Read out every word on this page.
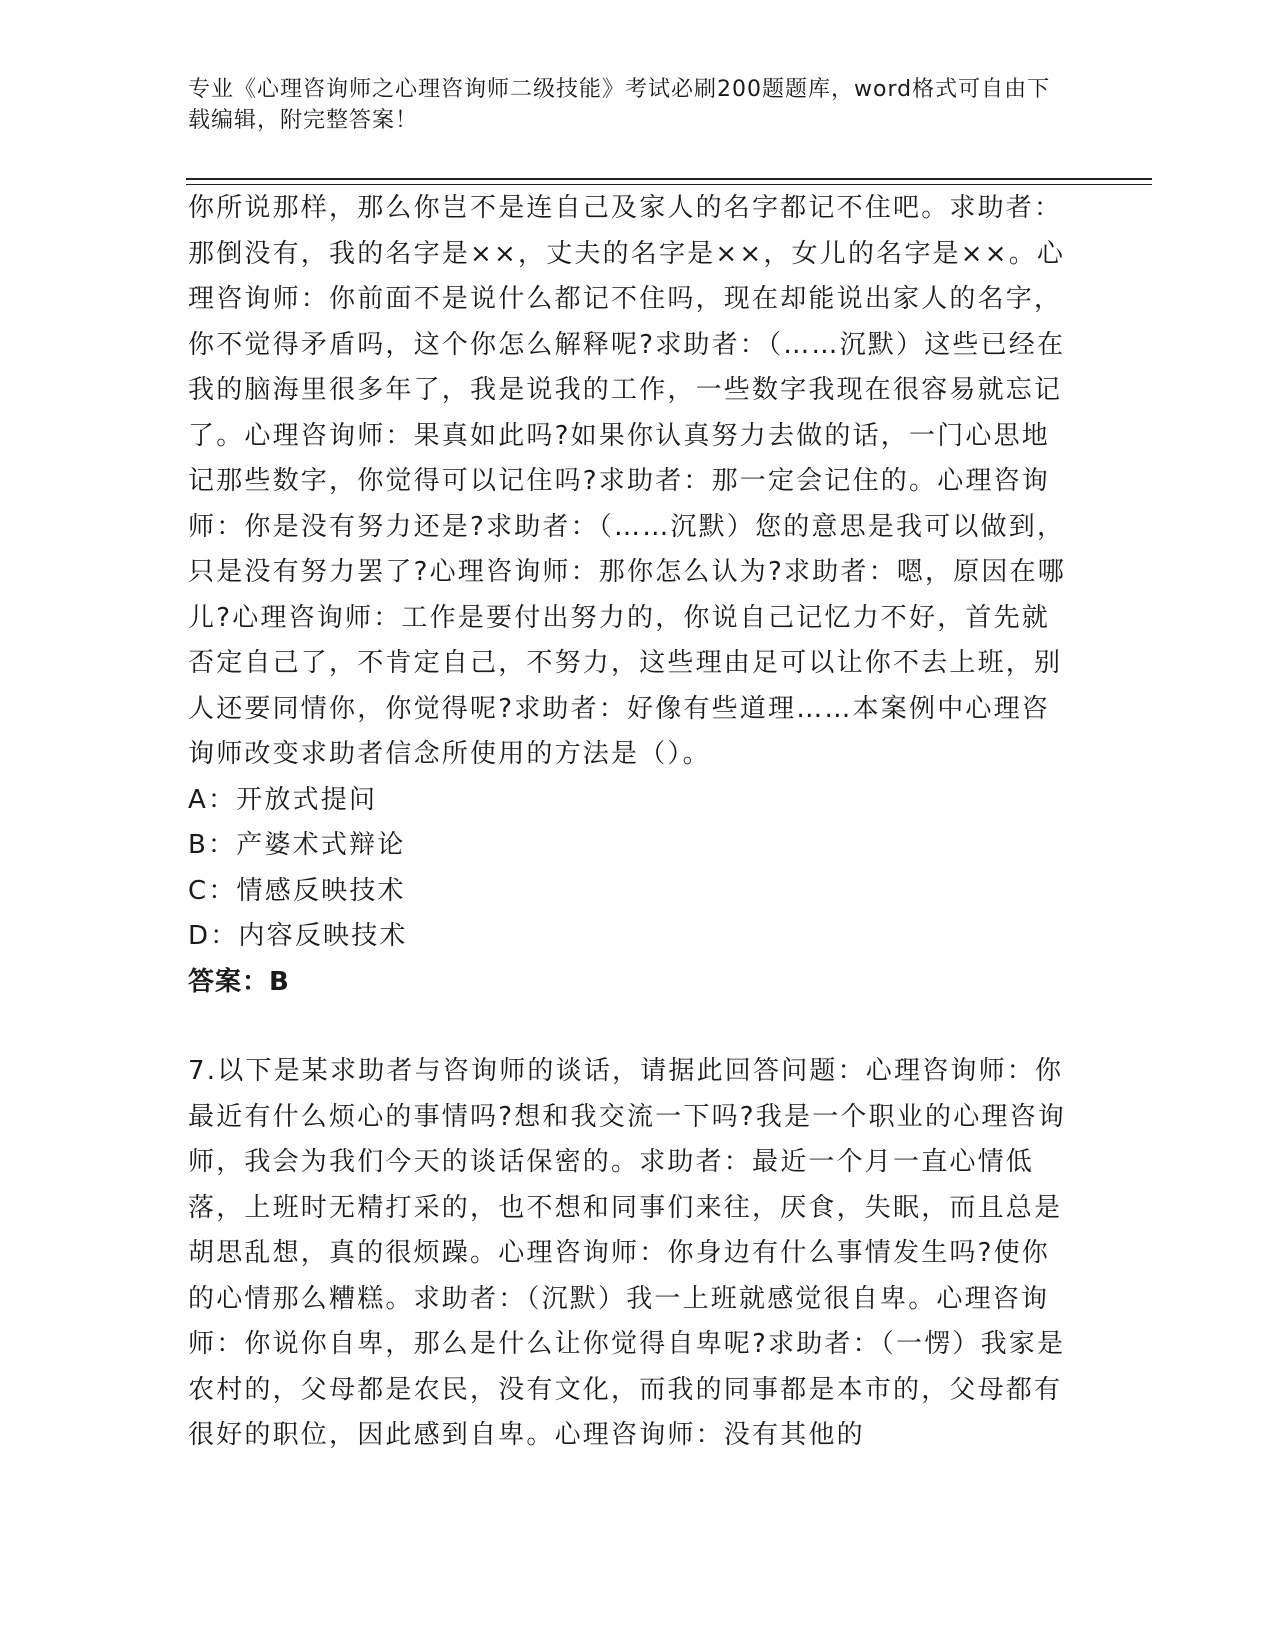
专业《心理咨询师之心理咨询师二级技能》考试必刷200题题库，word格式可自由下载编辑，附完整答案！

你所说那样，那么你岂不是连自己及家人的名字都记不住吧。求助者：那倒没有，我的名字是××，丈夫的名字是××，女儿的名字是××。心理咨询师：你前面不是说什么都记不住吗，现在却能说出家人的名字，你不觉得矛盾吗，这个你怎么解释呢?求助者：（……沉默）这些已经在我的脑海里很多年了，我是说我的工作，一些数字我现在很容易就忘记了。心理咨询师：果真如此吗?如果你认真努力去做的话，一门心思地记那些数字，你觉得可以记住吗?求助者：那一定会记住的。心理咨询师：你是没有努力还是?求助者：（……沉默）您的意思是我可以做到，只是没有努力罢了?心理咨询师：那你怎么认为?求助者：嗯，原因在哪儿?心理咨询师：工作是要付出努力的，你说自己记忆力不好，首先就否定自己了，不肯定自己，不努力，这些理由足可以让你不去上班，别人还要同情你，你觉得呢?求助者：好像有些道理……本案例中心理咨询师改变求助者信念所使用的方法是（）。

A：开放式提问

B：产婆术式辩论

C：情感反映技术

D：内容反映技术

答案：B

7.以下是某求助者与咨询师的谈话，请据此回答问题：心理咨询师：你最近有什么烦心的事情吗?想和我交流一下吗?我是一个职业的心理咨询师，我会为我们今天的谈话保密的。求助者：最近一个月一直心情低落，上班时无精打采的，也不想和同事们来往，厌食，失眠，而且总是胡思乱想，真的很烦躁。心理咨询师：你身边有什么事情发生吗?使你的心情那么糟糕。求助者：（沉默）我一上班就感觉很自卑。心理咨询师：你说你自卑，那么是什么让你觉得自卑呢?求助者：（一愣）我家是农村的，父母都是农民，没有文化，而我的同事都是本市的，父母都有很好的职位，因此感到自卑。心理咨询师：没有其他的
